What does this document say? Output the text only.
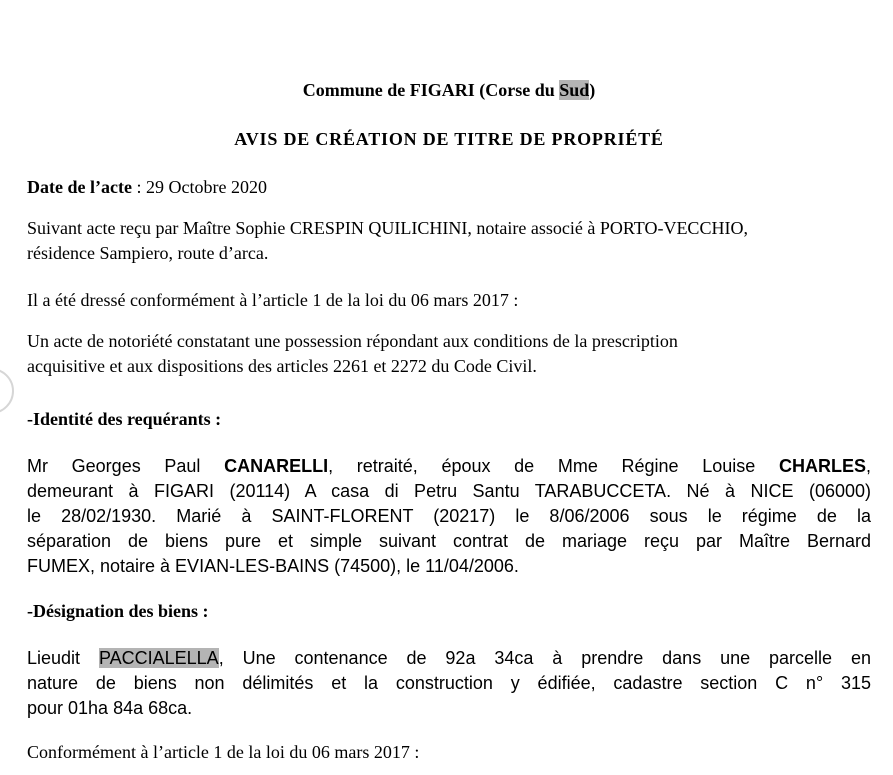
Commune de FIGARI (Corse du Sud)
AVIS DE CRÉATION DE TITRE DE PROPRIÉTÉ
Date de l’acte : 29 Octobre 2020
Suivant acte reçu par Maître Sophie CRESPIN QUILICHINI, notaire associé à PORTO-VECCHIO,
résidence Sampiero, route d’arca.
Il a été dressé conformément à l’article 1 de la loi du 06 mars 2017 :
Un acte de notoriété constatant une possession répondant aux conditions de la prescription
acquisitive et aux dispositions des articles 2261 et 2272 du Code Civil.
-Identité des requérants :
Mr Georges Paul CANARELLI, retraité, époux de Mme Régine Louise CHARLES,
demeurant à FIGARI (20114) A casa di Petru Santu TARABUCCETA. Né à NICE (06000)
le 28/02/1930. Marié à SAINT-FLORENT (20217) le 8/06/2006 sous le régime de la
séparation de biens pure et simple suivant contrat de mariage reçu par Maître Bernard
FUMEX, notaire à EVIAN-LES-BAINS (74500), le 11/04/2006.
-Désignation des biens :
Lieudit PACCIALELLA, Une contenance de 92a 34ca à prendre dans une parcelle en
nature de biens non délimités et la construction y édifiée, cadastre section C n° 315
pour 01ha 84a 68ca.
Conformément à l’article 1 de la loi du 06 mars 2017 :
